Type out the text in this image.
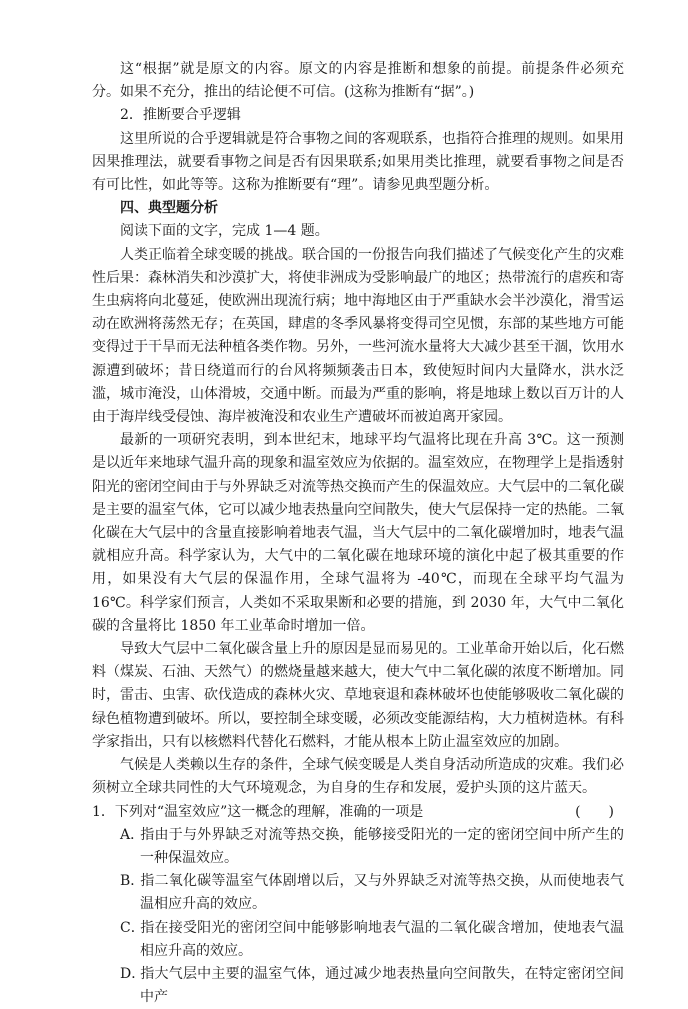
这“根据”就是原文的内容。原文的内容是推断和想象的前提。前提条件必须充分。如果不充分，推出的结论便不可信。(这称为推断有“据”。)

2．推断要合乎逻辑

这里所说的合乎逻辑就是符合事物之间的客观联系，也指符合推理的规则。如果用因果推理法，就要看事物之间是否有因果联系;如果用类比推理，就要看事物之间是否有可比性，如此等等。这称为推断要有“理”。请参见典型题分析。

四、典型题分析

阅读下面的文字，完成 1—4 题。

人类正临着全球变暖的挑战。联合国的一份报告向我们描述了气候变化产生的灾难性后果：森林消失和沙漠扩大，将使非洲成为受影响最广的地区；热带流行的虐疾和寄生虫病将向北蔓延，使欧洲出现流行病；地中海地区由于严重缺水会半沙漠化，滑雪运动在欧洲将荡然无存；在英国，肆虐的冬季风暴将变得司空见惯，东部的某些地方可能变得过于干旱而无法种植各类作物。另外，一些河流水量将大大减少甚至干涸，饮用水源遭到破坏；昔日绕道而行的台风将频频袭击日本，致使短时间内大量降水，洪水泛滥，城市淹没，山体滑坡，交通中断。而最为严重的影响，将是地球上数以百万计的人由于海岸线受侵蚀、海岸被淹没和农业生产遭破坏而被迫离开家园。

最新的一项研究表明，到本世纪末，地球平均气温将比现在升高 3℃。这一预测是以近年来地球气温升高的现象和温室效应为依据的。温室效应，在物理学上是指透射阳光的密闭空间由于与外界缺乏对流等热交换而产生的保温效应。大气层中的二氧化碳是主要的温室气体，它可以减少地表热量向空间散失，使大气层保持一定的热能。二氧化碳在大气层中的含量直接影响着地表气温，当大气层中的二氧化碳增加时，地表气温就相应升高。科学家认为，大气中的二氧化碳在地球环境的演化中起了极其重要的作用，如果没有大气层的保温作用，全球气温将为 -40℃，而现在全球平均气温为 16℃。科学家们预言，人类如不采取果断和必要的措施，到 2030 年，大气中二氧化碳的含量将比 1850 年工业革命时增加一倍。

导致大气层中二氧化碳含量上升的原因是显而易见的。工业革命开始以后，化石燃料（煤炭、石油、天然气）的燃烧量越来越大，使大气中二氧化碳的浓度不断增加。同时，雷击、虫害、砍伐造成的森林火灾、草地衰退和森林破坏也使能够吸收二氧化碳的绿色植物遭到破坏。所以，要控制全球变暖，必须改变能源结构，大力植树造林。有科学家指出，只有以核燃料代替化石燃料，才能从根本上防止温室效应的加剧。

气候是人类赖以生存的条件，全球气候变暖是人类自身活动所造成的灾难。我们必须树立全球共同性的大气环境观念，为自身的生存和发展，爱护头顶的这片蓝天。

1．下列对“温室效应”这一概念的理解，准确的一项是	(　　)

A．指由于与外界缺乏对流等热交换，能够接受阳光的一定的密闭空间中所产生的一种保温效应。

B．指二氧化碳等温室气体剧增以后，又与外界缺乏对流等热交换，从而使地表气温相应升高的效应。

C．指在接受阳光的密闭空间中能够影响地表气温的二氧化碳含增加，使地表气温相应升高的效应。

D．指大气层中主要的温室气体，通过减少地表热量向空间散失，在特定密闭空间中产
